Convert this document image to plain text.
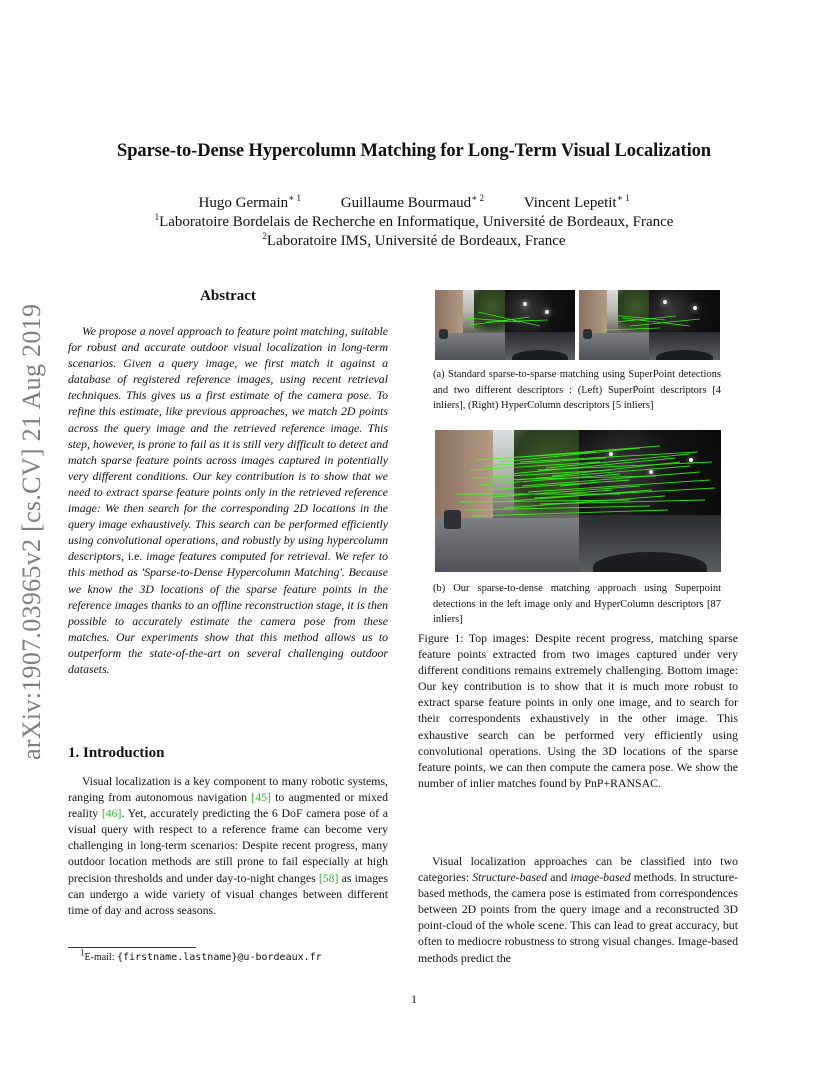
Sparse-to-Dense Hypercolumn Matching for Long-Term Visual Localization
Hugo Germain$^{∗ 1}$	Guillaume Bourmaud$^{∗ 2}$	Vincent Lepetit$^{∗ 1}$
$^1$Laboratoire Bordelais de Recherche en Informatique, Université de Bordeaux, France
$^2$Laboratoire IMS, Université de Bordeaux, France
arXiv:1907.03965v2 [cs.CV] 21 Aug 2019
Abstract
We propose a novel approach to feature point matching, suitable for robust and accurate outdoor visual localization in long-term scenarios. Given a query image, we first match it against a database of registered reference images, using recent retrieval techniques. This gives us a first estimate of the camera pose. To refine this estimate, like previous approaches, we match 2D points across the query image and the retrieved reference image. This step, however, is prone to fail as it is still very difficult to detect and match sparse feature points across images captured in potentially very different conditions. Our key contribution is to show that we need to extract sparse feature points only in the retrieved reference image: We then search for the corresponding 2D locations in the query image exhaustively. This search can be performed efficiently using convolutional operations, and robustly by using hypercolumn descriptors, i.e. image features computed for retrieval. We refer to this method as 'Sparse-to-Dense Hypercolumn Matching'. Because we know the 3D locations of the sparse feature points in the reference images thanks to an offline reconstruction stage, it is then possible to accurately estimate the camera pose from these matches. Our experiments show that this method allows us to outperform the state-of-the-art on several challenging outdoor datasets.
1. Introduction
Visual localization is a key component to many robotic systems, ranging from autonomous navigation [45] to augmented or mixed reality [46]. Yet, accurately predicting the 6 DoF camera pose of a visual query with respect to a reference frame can become very challenging in long-term scenarios: Despite recent progress, many outdoor location methods are still prone to fail especially at high precision thresholds and under day-to-night changes [58] as images can undergo a wide variety of visual changes between different time of day and across seasons.
$^1$E-mail: {firstname.lastname}@u-bordeaux.fr
(a) Standard sparse-to-sparse matching using SuperPoint detections and two different descriptors : (Left) SuperPoint descriptors [4 inliers], (Right) HyperColumn descriptors [5 inliers]
(b) Our sparse-to-dense matching approach using Superpoint detections in the left image only and HyperColumn descriptors [87 inliers]
Figure 1: Top images: Despite recent progress, matching sparse feature points extracted from two images captured under very different conditions remains extremely challenging. Bottom image: Our key contribution is to show that it is much more robust to extract sparse feature points in only one image, and to search for their correspondents exhaustively in the other image. This exhaustive search can be performed very efficiently using convolutional operations. Using the 3D locations of the sparse feature points, we can then compute the camera pose. We show the number of inlier matches found by PnP+RANSAC.
Visual localization approaches can be classified into two categories: Structure-based and image-based methods. In structure-based methods, the camera pose is estimated from correspondences between 2D points from the query image and a reconstructed 3D point-cloud of the whole scene. This can lead to great accuracy, but often to mediocre robustness to strong visual changes. Image-based methods predict the
1
